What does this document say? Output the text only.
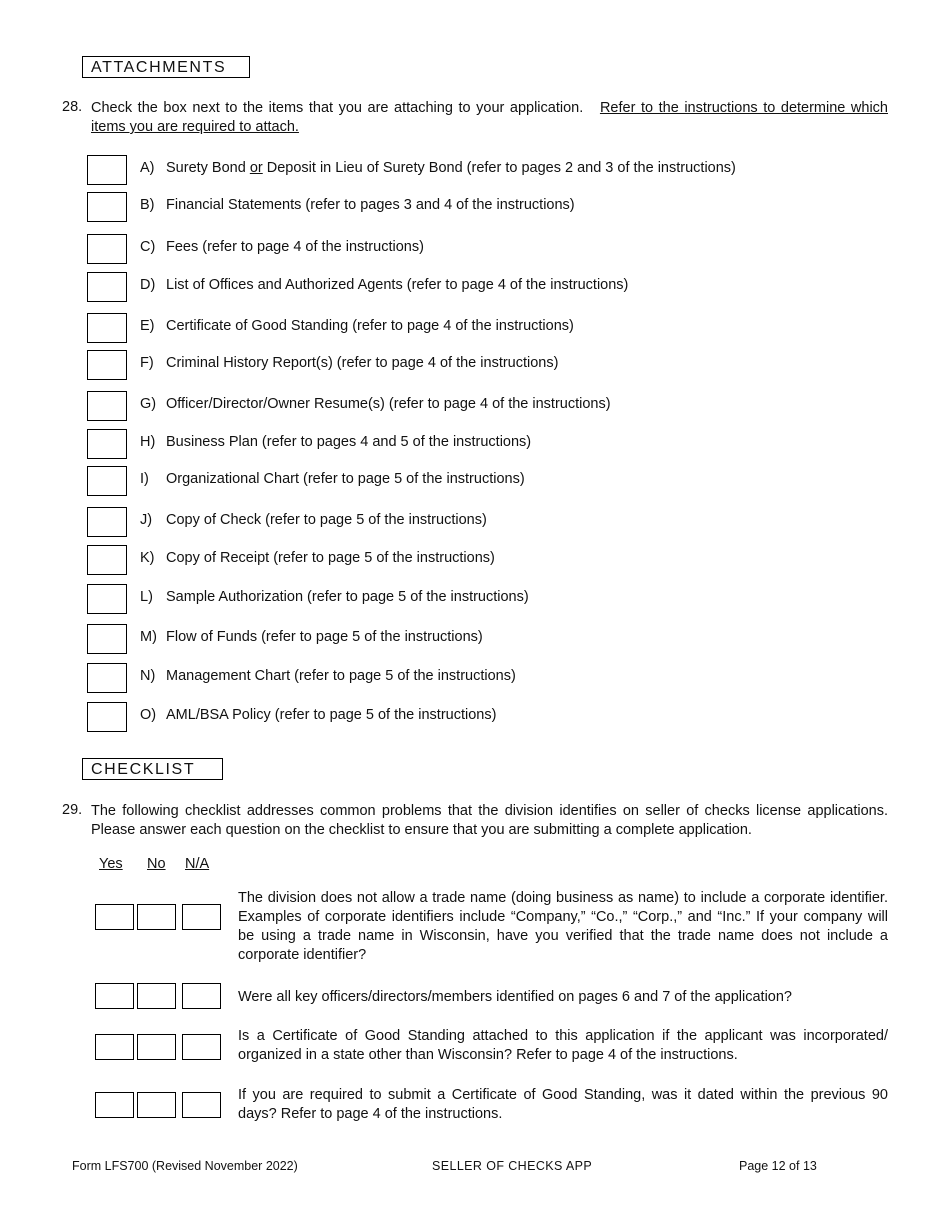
ATTACHMENTS
28. Check the box next to the items that you are attaching to your application. Refer to the instructions to determine which items you are required to attach.
A) Surety Bond or Deposit in Lieu of Surety Bond (refer to pages 2 and 3 of the instructions)
B) Financial Statements (refer to pages 3 and 4 of the instructions)
C) Fees (refer to page 4 of the instructions)
D) List of Offices and Authorized Agents (refer to page 4 of the instructions)
E) Certificate of Good Standing (refer to page 4 of the instructions)
F) Criminal History Report(s) (refer to page 4 of the instructions)
G) Officer/Director/Owner Resume(s) (refer to page 4 of the instructions)
H) Business Plan (refer to pages 4 and 5 of the instructions)
I) Organizational Chart (refer to page 5 of the instructions)
J) Copy of Check (refer to page 5 of the instructions)
K) Copy of Receipt (refer to page 5 of the instructions)
L) Sample Authorization (refer to page 5 of the instructions)
M) Flow of Funds (refer to page 5 of the instructions)
N) Management Chart (refer to page 5 of the instructions)
O) AML/BSA Policy (refer to page 5 of the instructions)
CHECKLIST
29. The following checklist addresses common problems that the division identifies on seller of checks license applications. Please answer each question on the checklist to ensure that you are submitting a complete application.
Yes No N/A
The division does not allow a trade name (doing business as name) to include a corporate identifier. Examples of corporate identifiers include “Company,” “Co.,” “Corp.,” and “Inc.” If your company will be using a trade name in Wisconsin, have you verified that the trade name does not include a corporate identifier?
Were all key officers/directors/members identified on pages 6 and 7 of the application?
Is a Certificate of Good Standing attached to this application if the applicant was incorporated/ organized in a state other than Wisconsin? Refer to page 4 of the instructions.
If you are required to submit a Certificate of Good Standing, was it dated within the previous 90 days? Refer to page 4 of the instructions.
Form LFS700 (Revised November 2022)	SELLER OF CHECKS APP	Page 12 of 13
